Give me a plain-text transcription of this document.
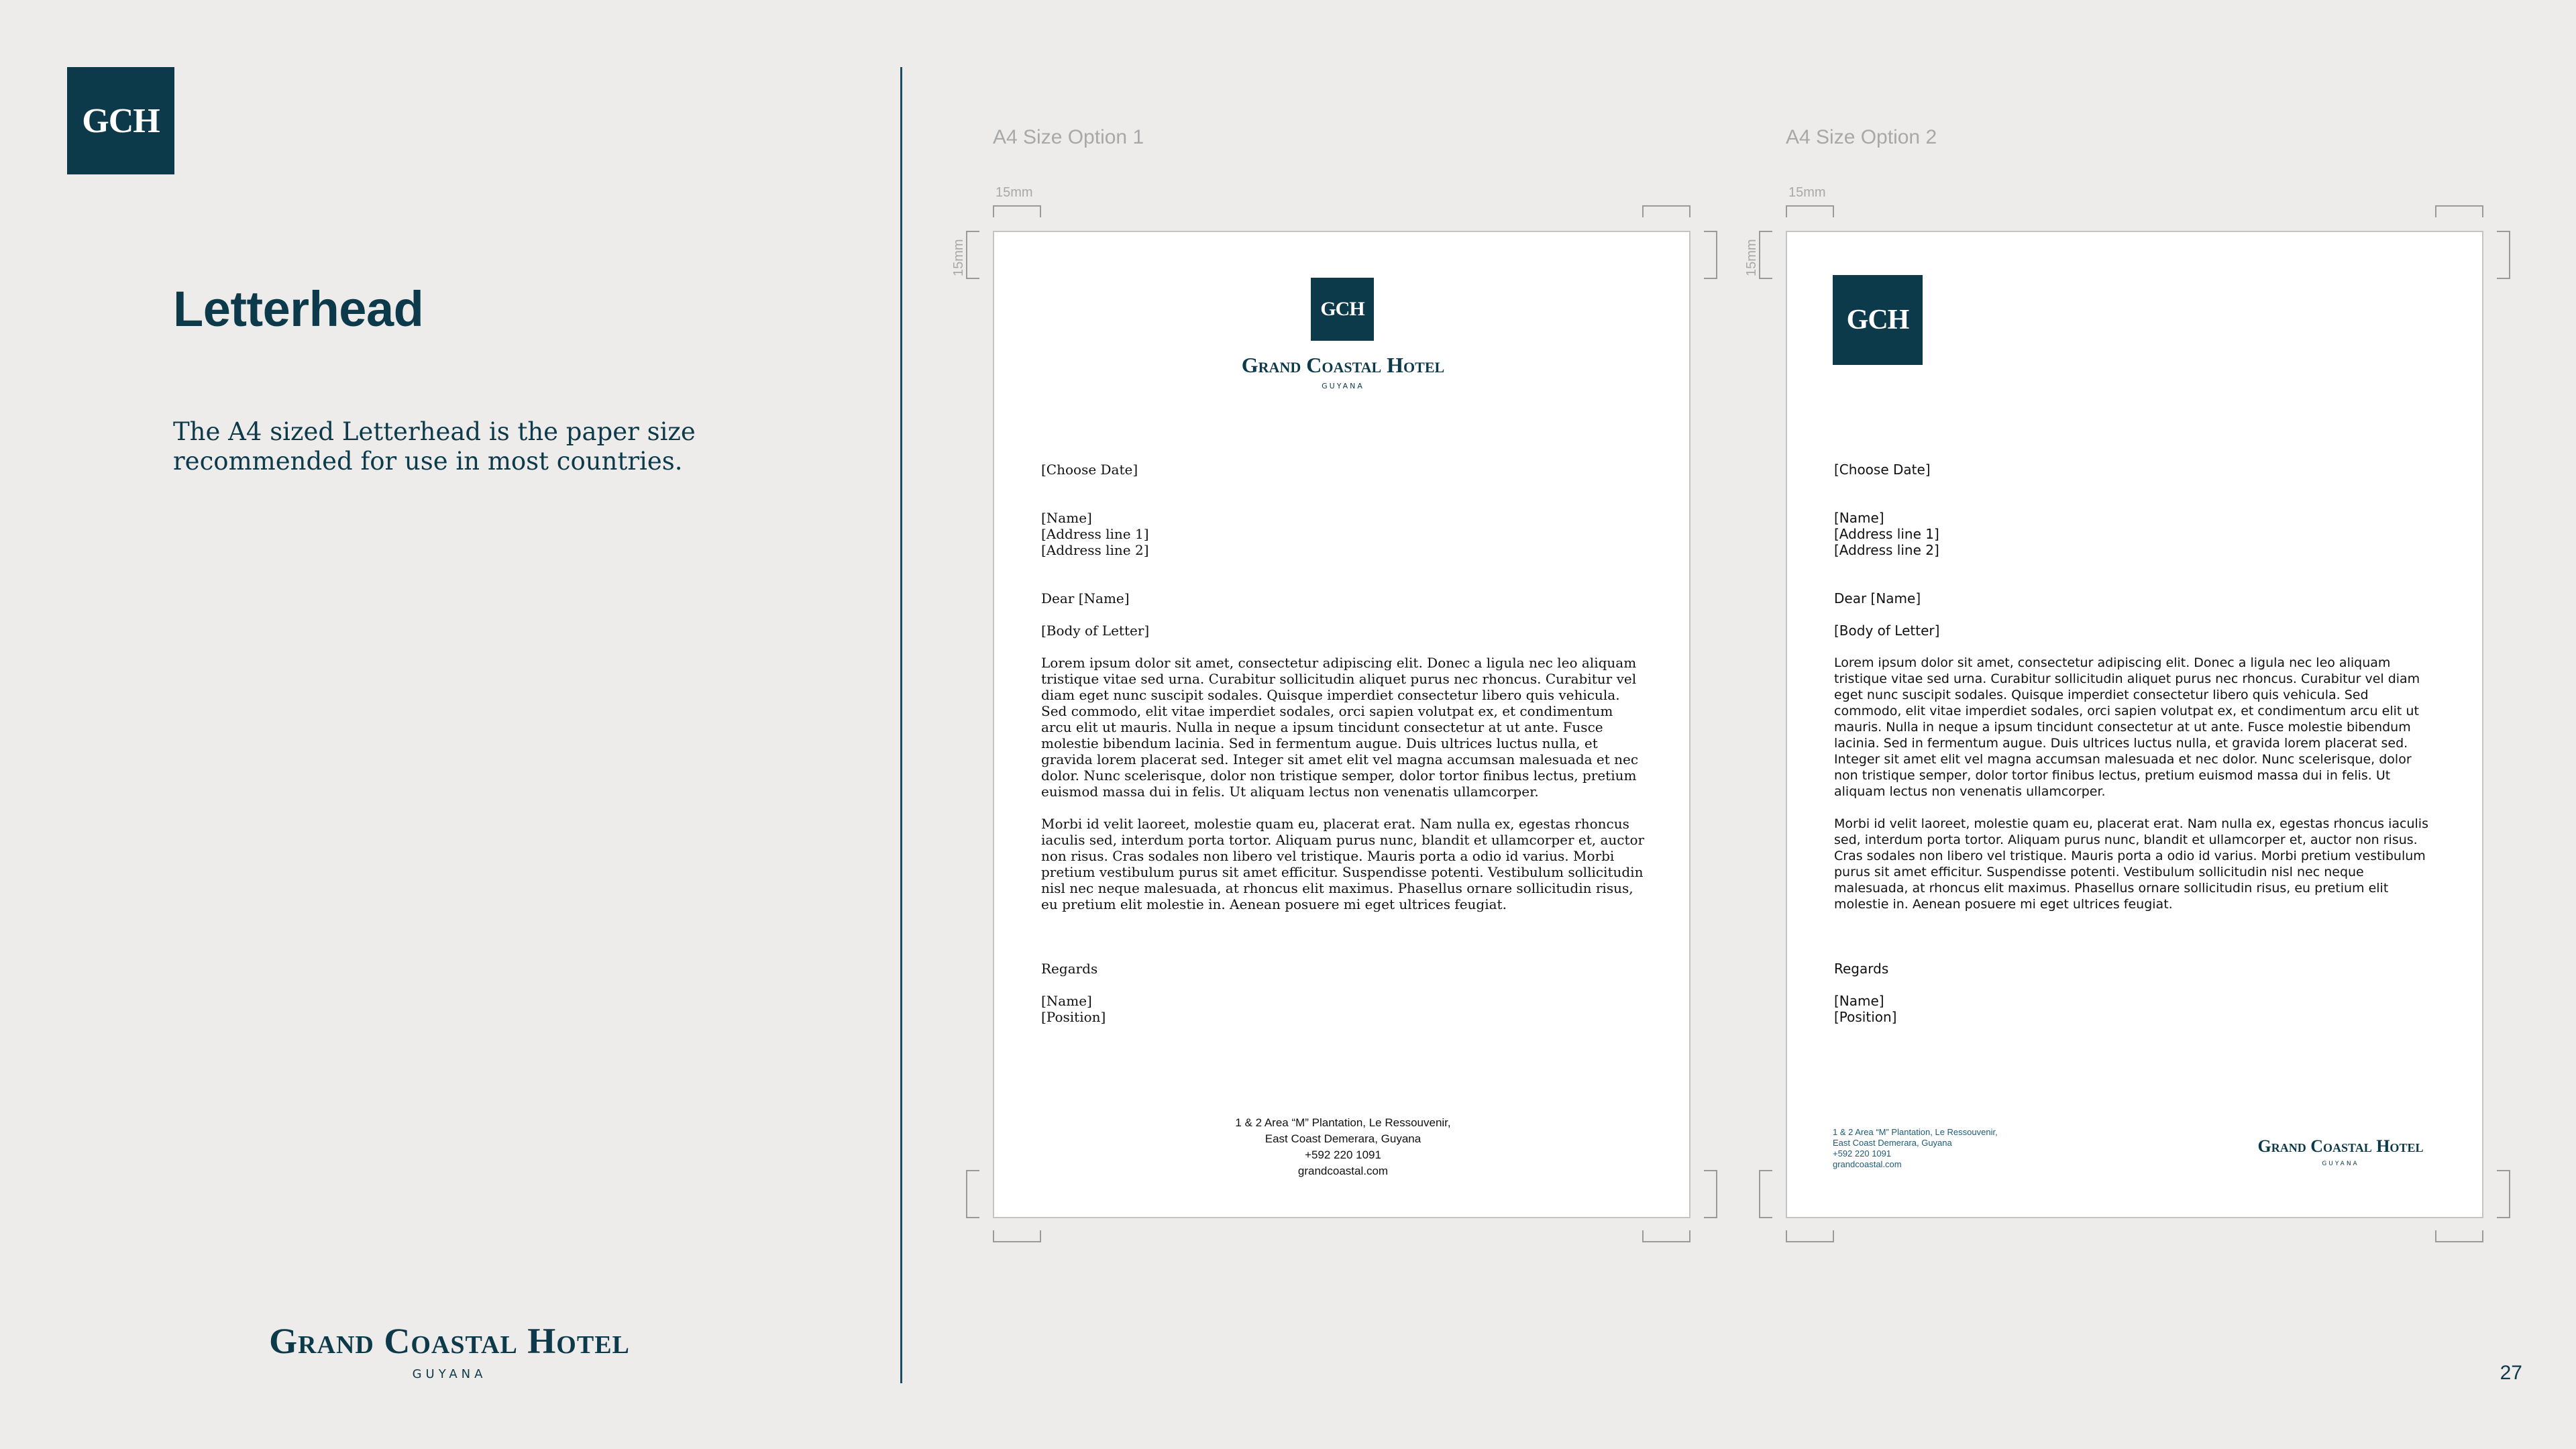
GCH
Letterhead

The A4 sized Letterhead is the paper size recommended for use in most countries.

Grand Coastal Hotel
GUYANA	27
A4 Size Option 1	A4 Size Option 2
15mm
15mm
15mm
15mm
GCH
Grand Coastal Hotel
GUYANA

[Choose Date]

[Name]
[Address line 1]
[Address line 2]

Dear [Name]

[Body of Letter]

Lorem ipsum dolor sit amet, consectetur adipiscing elit. Donec a ligula nec leo aliquam tristique vitae sed urna. Curabitur sollicitudin aliquet purus nec rhoncus. Curabitur vel diam eget nunc suscipit sodales. Quisque imperdiet consectetur libero quis vehicula. Sed commodo, elit vitae imperdiet sodales, orci sapien volutpat ex, et condimentum arcu elit ut mauris. Nulla in neque a ipsum tincidunt consectetur at ut ante. Fusce molestie bibendum lacinia. Sed in fermentum augue. Duis ultrices luctus nulla, et gravida lorem placerat sed. Integer sit amet elit vel magna accumsan malesuada et nec dolor. Nunc scelerisque, dolor non tristique semper, dolor tortor finibus lectus, pretium euismod massa dui in felis. Ut aliquam lectus non venenatis ullamcorper.

Morbi id velit laoreet, molestie quam eu, placerat erat. Nam nulla ex, egestas rhoncus iaculis sed, interdum porta tortor. Aliquam purus nunc, blandit et ullamcorper et, auctor non risus. Cras sodales non libero vel tristique. Mauris porta a odio id varius. Morbi pretium vestibulum purus sit amet efficitur. Suspendisse potenti. Vestibulum sollicitudin nisl nec neque malesuada, at rhoncus elit maximus. Phasellus ornare sollicitudin risus, eu pretium elit molestie in. Aenean posuere mi eget ultrices feugiat.

Regards

[Name]
[Position]

1 & 2 Area “M” Plantation, Le Ressouvenir,
East Coast Demerara, Guyana
+592 220 1091
grandcoastal.com
GCH

[Choose Date]

[Name]
[Address line 1]
[Address line 2]

Dear [Name]

[Body of Letter]

Lorem ipsum dolor sit amet, consectetur adipiscing elit. Donec a ligula nec leo aliquam tristique vitae sed urna. Curabitur sollicitudin aliquet purus nec rhoncus. Curabitur vel diam eget nunc suscipit sodales. Quisque imperdiet consectetur libero quis vehicula. Sed commodo, elit vitae imperdiet sodales, orci sapien volutpat ex, et condimentum arcu elit ut mauris. Nulla in neque a ipsum tincidunt consectetur at ut ante. Fusce molestie bibendum lacinia. Sed in fermentum augue. Duis ultrices luctus nulla, et gravida lorem placerat sed. Integer sit amet elit vel magna accumsan malesuada et nec dolor. Nunc scelerisque, dolor non tristique semper, dolor tortor finibus lectus, pretium euismod massa dui in felis. Ut aliquam lectus non venenatis ullamcorper.

Morbi id velit laoreet, molestie quam eu, placerat erat. Nam nulla ex, egestas rhoncus iaculis sed, interdum porta tortor. Aliquam purus nunc, blandit et ullamcorper et, auctor non risus. Cras sodales non libero vel tristique. Mauris porta a odio id varius. Morbi pretium vestibulum purus sit amet efficitur. Suspendisse potenti. Vestibulum sollicitudin nisl nec neque malesuada, at rhoncus elit maximus. Phasellus ornare sollicitudin risus, eu pretium elit molestie in. Aenean posuere mi eget ultrices feugiat.

Regards

[Name]
[Position]

1 & 2 Area “M” Plantation, Le Ressouvenir,
East Coast Demerara, Guyana
+592 220 1091
grandcoastal.com
Grand Coastal Hotel
GUYANA
